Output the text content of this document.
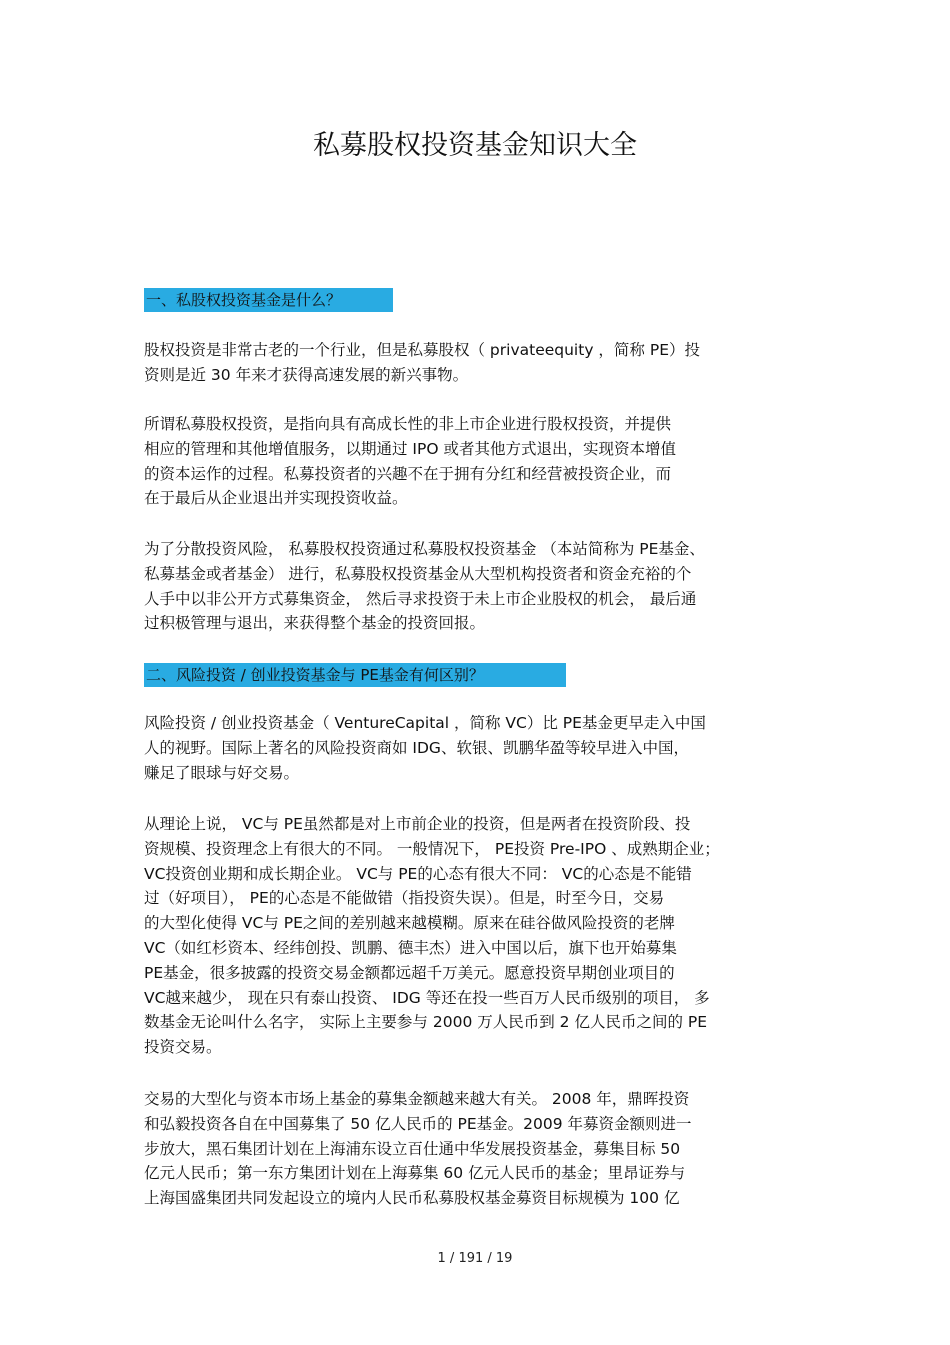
私募股权投资基金知识大全
一、私股权投资基金是什么？
股权投资是非常古老的一个行业，但是私募股权（ privateequity ，简称 PE）投
资则是近 30 年来才获得高速发展的新兴事物。
所谓私募股权投资，是指向具有高成长性的非上市企业进行股权投资，并提供
相应的管理和其他增值服务，以期通过 IPO 或者其他方式退出，实现资本增值
的资本运作的过程。私募投资者的兴趣不在于拥有分红和经营被投资企业，而
在于最后从企业退出并实现投资收益。
为了分散投资风险， 私募股权投资通过私募股权投资基金 （本站简称为 PE基金、
私募基金或者基金） 进行，私募股权投资基金从大型机构投资者和资金充裕的个
人手中以非公开方式募集资金， 然后寻求投资于未上市企业股权的机会， 最后通
过积极管理与退出，来获得整个基金的投资回报。
二、风险投资 / 创业投资基金与 PE基金有何区别？
风险投资 / 创业投资基金（ VentureCapital ，简称 VC）比 PE基金更早走入中国
人的视野。国际上著名的风险投资商如 IDG、软银、凯鹏华盈等较早进入中国，
赚足了眼球与好交易。
从理论上说， VC与 PE虽然都是对上市前企业的投资，但是两者在投资阶段、投
资规模、投资理念上有很大的不同。 一般情况下， PE投资 Pre-IPO 、成熟期企业；
VC投资创业期和成长期企业。 VC与 PE的心态有很大不同： VC的心态是不能错
过（好项目）， PE的心态是不能做错（指投资失误）。但是，时至今日，交易
的大型化使得 VC与 PE之间的差别越来越模糊。原来在硅谷做风险投资的老牌
VC（如红杉资本、经纬创投、凯鹏、德丰杰）进入中国以后，旗下也开始募集
PE基金，很多披露的投资交易金额都远超千万美元。愿意投资早期创业项目的
VC越来越少， 现在只有泰山投资、 IDG 等还在投一些百万人民币级别的项目， 多
数基金无论叫什么名字， 实际上主要参与 2000 万人民币到 2 亿人民币之间的 PE
投资交易。
交易的大型化与资本市场上基金的募集金额越来越大有关。 2008 年，鼎晖投资
和弘毅投资各自在中国募集了 50 亿人民币的 PE基金。2009 年募资金额则进一
步放大，黑石集团计划在上海浦东设立百仕通中华发展投资基金，募集目标 50
亿元人民币；第一东方集团计划在上海募集 60 亿元人民币的基金；里昂证券与
上海国盛集团共同发起设立的境内人民币私募股权基金募资目标规模为 100 亿
1 / 191 / 19
